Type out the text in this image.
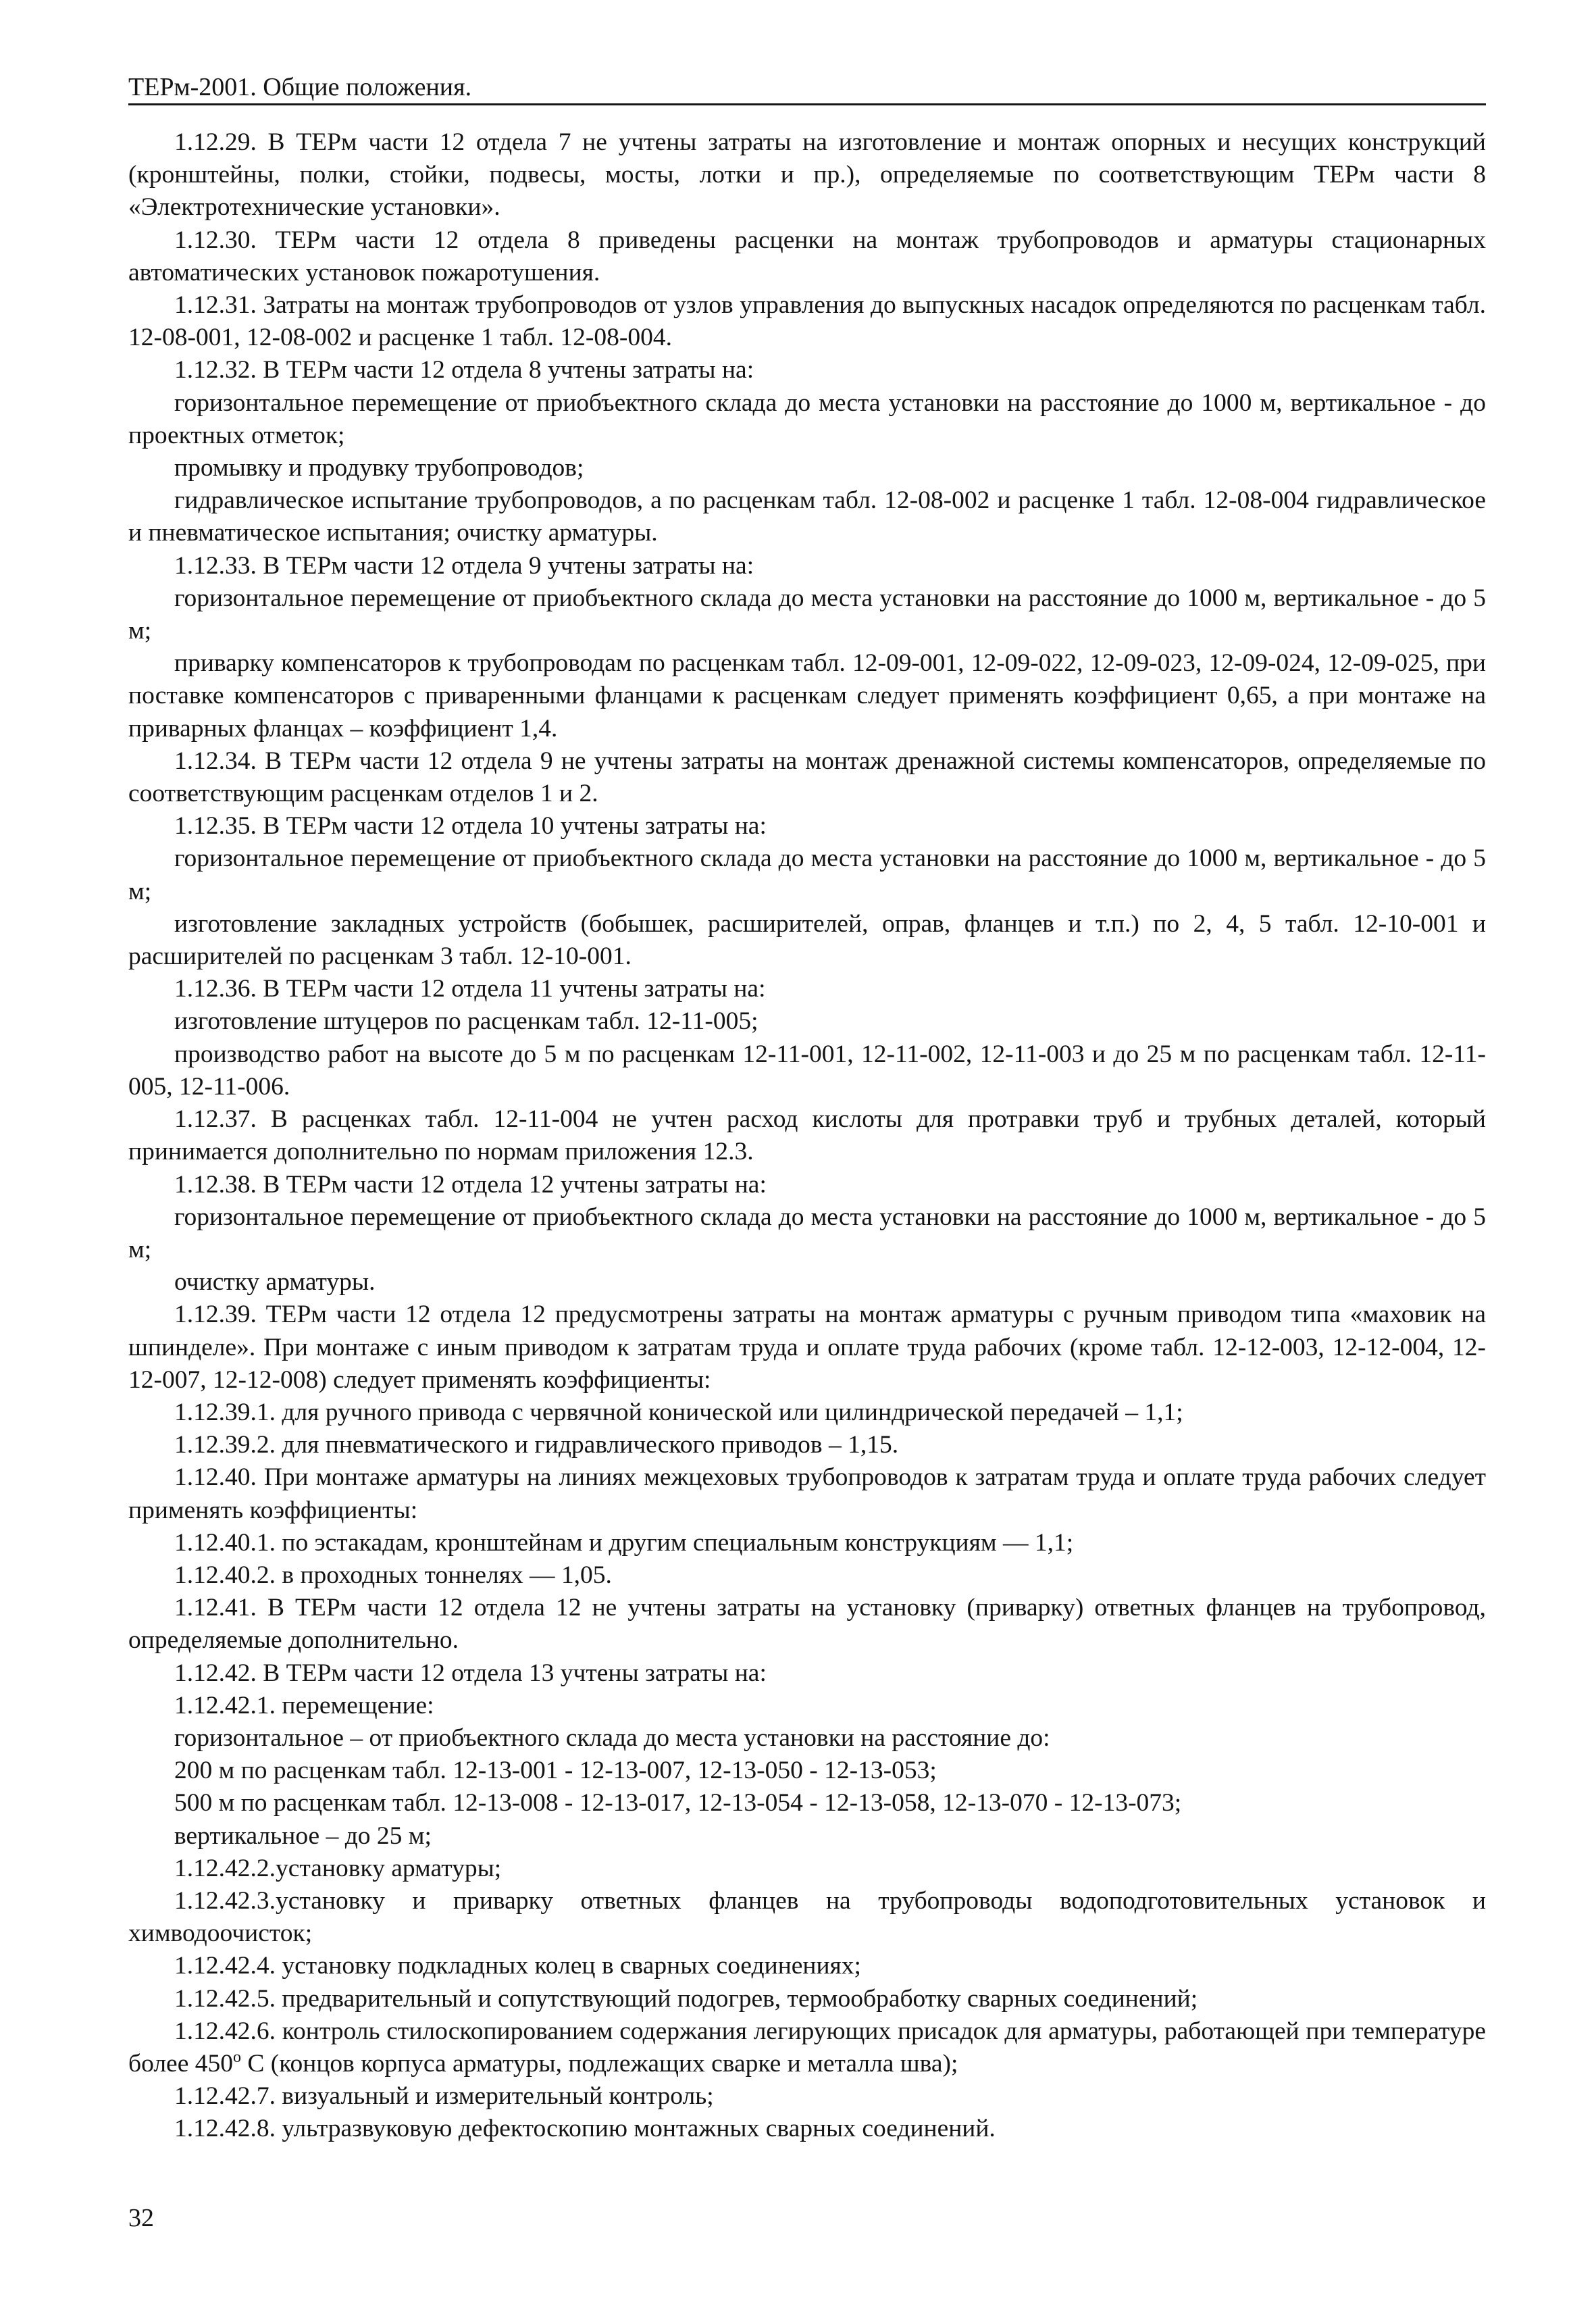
ТЕРм-2001. Общие положения.

1.12.29. В ТЕРм части 12 отдела 7 не учтены затраты на изготовление и монтаж опорных и несущих конструкций (кронштейны, полки, стойки, подвесы, мосты, лотки и пр.), определяемые по соответствующим ТЕРм части 8 «Электротехнические установки».

1.12.30. ТЕРм части 12 отдела 8 приведены расценки на монтаж трубопроводов и арматуры стационарных автоматических установок пожаротушения.

1.12.31. Затраты на монтаж трубопроводов от узлов управления до выпускных насадок определяются по расценкам табл. 12-08-001, 12-08-002 и расценке 1 табл. 12-08-004.

1.12.32. В ТЕРм части 12 отдела 8 учтены затраты на:

горизонтальное перемещение от приобъектного склада до места установки на расстояние до 1000 м, вертикальное - до проектных отметок;

промывку и продувку трубопроводов;

гидравлическое испытание трубопроводов, а по расценкам табл. 12-08-002 и расценке 1 табл. 12-08-004 гидравлическое и пневматическое испытания; очистку арматуры.

1.12.33. В ТЕРм части 12 отдела 9 учтены затраты на:

горизонтальное перемещение от приобъектного склада до места установки на расстояние до 1000 м, вертикальное - до 5 м;

приварку компенсаторов к трубопроводам по расценкам табл. 12-09-001, 12-09-022, 12-09-023, 12-09-024, 12-09-025, при поставке компенсаторов с приваренными фланцами к расценкам следует применять коэффициент 0,65, а при монтаже на приварных фланцах – коэффициент 1,4.

1.12.34. В ТЕРм части 12 отдела 9 не учтены затраты на монтаж дренажной системы компенсаторов, определяемые по соответствующим расценкам отделов 1 и 2.

1.12.35. В ТЕРм части 12 отдела 10 учтены затраты на:

горизонтальное перемещение от приобъектного склада до места установки на расстояние до 1000 м, вертикальное - до 5 м;

изготовление закладных устройств (бобышек, расширителей, оправ, фланцев и т.п.) по 2, 4, 5 табл. 12-10-001 и расширителей по расценкам 3 табл. 12-10-001.

1.12.36. В ТЕРм части 12 отдела 11 учтены затраты на:

изготовление штуцеров по расценкам табл. 12-11-005;

производство работ на высоте до 5 м по расценкам 12-11-001, 12-11-002, 12-11-003 и до 25 м по расценкам табл. 12-11-005, 12-11-006.

1.12.37. В расценках табл. 12-11-004 не учтен расход кислоты для протравки труб и трубных деталей, который принимается дополнительно по нормам приложения 12.3.

1.12.38. В ТЕРм части 12 отдела 12 учтены затраты на:

горизонтальное перемещение от приобъектного склада до места установки на расстояние до 1000 м, вертикальное - до 5 м;

очистку арматуры.

1.12.39. ТЕРм части 12 отдела 12 предусмотрены затраты на монтаж арматуры с ручным приводом типа «маховик на шпинделе». При монтаже с иным приводом к затратам труда и оплате труда рабочих (кроме табл. 12-12-003, 12-12-004, 12-12-007, 12-12-008) следует применять коэффициенты:

1.12.39.1. для ручного привода с червячной конической или цилиндрической передачей – 1,1;

1.12.39.2. для пневматического и гидравлического приводов – 1,15.

1.12.40. При монтаже арматуры на линиях межцеховых трубопроводов к затратам труда и оплате труда рабочих следует применять коэффициенты:

1.12.40.1. по эстакадам, кронштейнам и другим специальным конструкциям — 1,1;

1.12.40.2. в проходных тоннелях — 1,05.

1.12.41. В ТЕРм части 12 отдела 12 не учтены затраты на установку (приварку) ответных фланцев на трубопровод, определяемые дополнительно.

1.12.42. В ТЕРм части 12 отдела 13 учтены затраты на:

1.12.42.1. перемещение:

горизонтальное – от приобъектного склада до места установки на расстояние до:

200 м по расценкам табл. 12-13-001 - 12-13-007, 12-13-050 - 12-13-053;

500 м по расценкам табл. 12-13-008 - 12-13-017, 12-13-054 - 12-13-058, 12-13-070 - 12-13-073;

вертикальное – до 25 м;

1.12.42.2.установку арматуры;

1.12.42.3.установку и приварку ответных фланцев на трубопроводы водоподготовительных установок и химводоочисток;

1.12.42.4. установку подкладных колец в сварных соединениях;

1.12.42.5. предварительный и сопутствующий подогрев, термообработку сварных соединений;

1.12.42.6. контроль стилоскопированием содержания легирующих присадок для арматуры, работающей при температуре более 450$^o$ С (концов корпуса арматуры, подлежащих сварке и металла шва);

1.12.42.7. визуальный и измерительный контроль;

1.12.42.8. ультразвуковую дефектоскопию монтажных сварных соединений.

32
